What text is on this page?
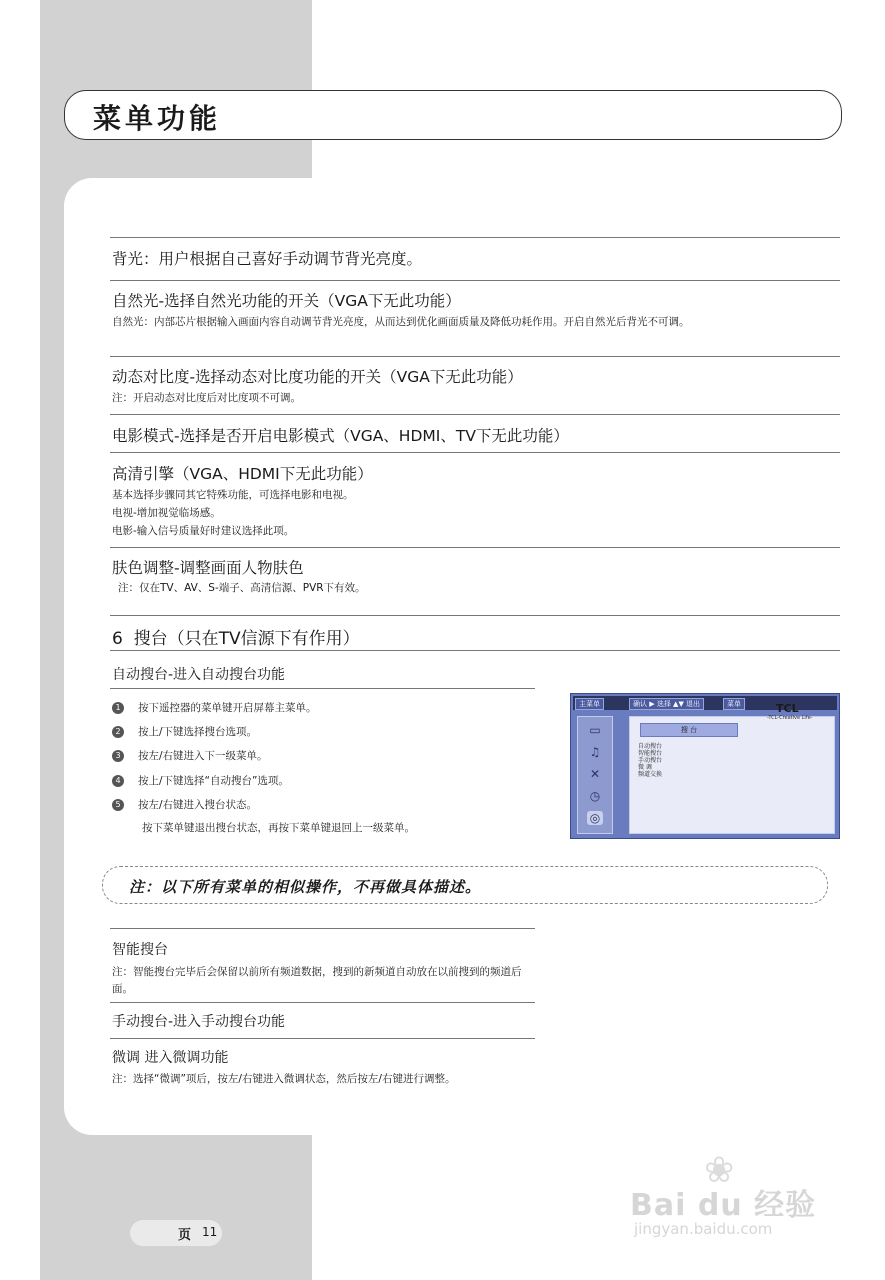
菜单功能
背光：用户根据自己喜好手动调节背光亮度。
自然光-选择自然光功能的开关（VGA下无此功能）
自然光：内部芯片根据输入画面内容自动调节背光亮度，从而达到优化画面质量及降低功耗作用。开启自然光后背光不可调。
动态对比度-选择动态对比度功能的开关（VGA下无此功能）
注：开启动态对比度后对比度项不可调。
电影模式-选择是否开启电影模式（VGA、HDMI、TV下无此功能）
高清引擎（VGA、HDMI下无此功能）
基本选择步骤同其它特殊功能，可选择电影和电视。
电视-增加视觉临场感。
电影-输入信号质量好时建议选择此项。
肤色调整-调整画面人物肤色
注：仅在TV、AV、S-端子、高清信源、PVR下有效。
6 搜台（只在TV信源下有作用）
自动搜台-进入自动搜台功能
1	按下遥控器的菜单键开启屏幕主菜单。
2	按上/下键选择搜台选项。
3	按左/右键进入下一级菜单。
4	按上/下键选择“自动搜台”选项。
5	按左/右键进入搜台状态。
按下菜单键退出搜台状态，再按下菜单键退回上一级菜单。
主菜单	确认 ▶ 选择 ▲▼ 退出	菜单
▭
♫
✕
◷
◎
搜 台
自动搜台
智能搜台
手动搜台
微 调
频道交换
TCL
-TCL-Creative Life-
注：以下所有菜单的相似操作，不再做具体描述。
智能搜台
注：智能搜台完毕后会保留以前所有频道数据，搜到的新频道自动放在以前搜到的频道后面。
手动搜台-进入手动搜台功能
微调 进入微调功能
注：选择“微调”项后，按左/右键进入微调状态，然后按左/右键进行调整。
页 11
❀
Bai du 经验
jingyan.baidu.com
